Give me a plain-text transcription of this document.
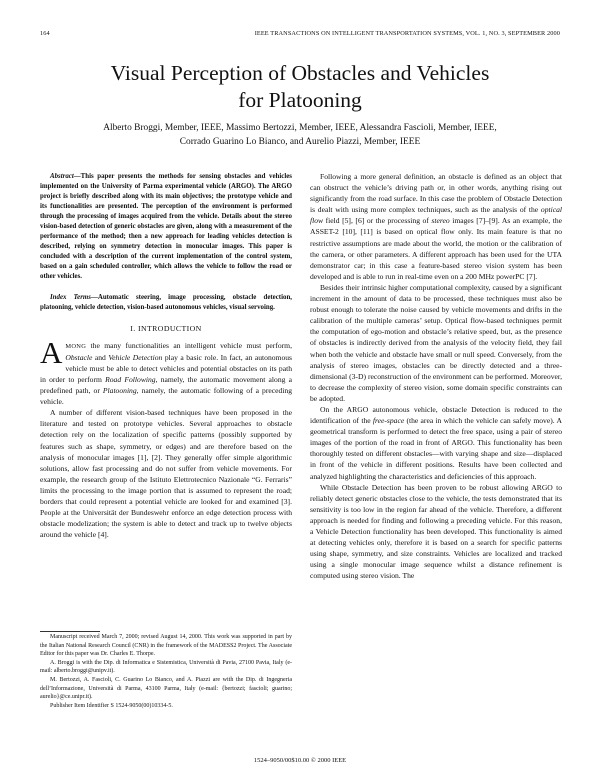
164	IEEE TRANSACTIONS ON INTELLIGENT TRANSPORTATION SYSTEMS, VOL. 1, NO. 3, SEPTEMBER 2000
Visual Perception of Obstacles and Vehicles
for Platooning
Alberto Broggi, Member, IEEE, Massimo Bertozzi, Member, IEEE, Alessandra Fascioli, Member, IEEE,
Corrado Guarino Lo Bianco, and Aurelio Piazzi, Member, IEEE

Abstract—This paper presents the methods for sensing obstacles and vehicles implemented on the University of Parma experimental vehicle (ARGO). The ARGO project is briefly described along with its main objectives; the prototype vehicle and its functionalities are presented. The perception of the environment is performed through the processing of images acquired from the vehicle. Details about the stereo vision-based detection of generic obstacles are given, along with a measurement of the performance of the method; then a new approach for leading vehicles detection is described, relying on symmetry detection in monocular images. This paper is concluded with a description of the current implementation of the control system, based on a gain scheduled controller, which allows the vehicle to follow the road or other vehicles.

Index Terms—Automatic steering, image processing, obstacle detection, platooning, vehicle detection, vision-based autonomous vehicles, visual servoing.

I. INTRODUCTION

AMONG the many functionalities an intelligent vehicle must perform, Obstacle and Vehicle Detection play a basic role. In fact, an autonomous vehicle must be able to detect vehicles and potential obstacles on its path in order to perform Road Following, namely, the automatic movement along a predefined path, or Platooning, namely, the automatic following of a preceding vehicle.

A number of different vision-based techniques have been proposed in the literature and tested on prototype vehicles. Several approaches to obstacle detection rely on the localization of specific patterns (possibly supported by features such as shape, symmetry, or edges) and are therefore based on the analysis of monocular images [1], [2]. They generally offer simple algorithmic solutions, allow fast processing and do not suffer from vehicle movements. For example, the research group of the Istituto Elettrotecnico Nazionale “G. Ferraris” limits the processing to the image portion that is assumed to represent the road; borders that could represent a potential vehicle are looked for and examined [3]. People at the Universität der Bundeswehr enforce an edge detection process with obstacle modelization; the system is able to detect and track up to twelve objects around the vehicle [4].

Manuscript received March 7, 2000; revised August 14, 2000. This work was supported in part by the Italian National Research Council (CNR) in the framework of the MADESS2 Project. The Associate Editor for this paper was Dr. Charles E. Thorpe.

A. Broggi is with the Dip. di Informatica e Sistemistica, Università di Pavia, 27100 Pavia, Italy (e-mail: alberto.broggi@unipv.it).

M. Bertozzi, A. Fascioli, C. Guarino Lo Bianco, and A. Piazzi are with the Dip. di Ingegneria dell’Informazione, Università di Parma, 43100 Parma, Italy (e-mail: {bertozzi; fascioli; guarino; aurelio}@ce.unipr.it).

Publisher Item Identifier S 1524-9050(00)10334-5.

Following a more general definition, an obstacle is defined as an object that can obstruct the vehicle’s driving path or, in other words, anything rising out significantly from the road surface. In this case the problem of Obstacle Detection is dealt with using more complex techniques, such as the analysis of the optical flow field [5], [6] or the processing of stereo images [7]–[9]. As an example, the ASSET-2 [10], [11] is based on optical flow only. Its main feature is that no restrictive assumptions are made about the world, the motion or the calibration of the camera, or other parameters. A different approach has been used for the UTA demonstrator car; in this case a feature-based stereo vision system has been developed and is able to run in real-time even on a 200 MHz powerPC [7].

Besides their intrinsic higher computational complexity, caused by a significant increment in the amount of data to be processed, these techniques must also be robust enough to tolerate the noise caused by vehicle movements and drifts in the calibration of the multiple cameras’ setup. Optical flow-based techniques permit the computation of ego-motion and obstacle’s relative speed, but, as the presence of obstacles is indirectly derived from the analysis of the velocity field, they fail when both the vehicle and obstacle have small or null speed. Conversely, from the analysis of stereo images, obstacles can be directly detected and a three-dimensional (3-D) reconstruction of the environment can be performed. Moreover, to decrease the complexity of stereo vision, some domain specific constraints can be adopted.

On the ARGO autonomous vehicle, obstacle Detection is reduced to the identification of the free-space (the area in which the vehicle can safely move). A geometrical transform is performed to detect the free space, using a pair of stereo images of the portion of the road in front of ARGO. This functionality has been thoroughly tested on different obstacles—with varying shape and size—displaced in front of the vehicle in different positions. Results have been collected and analyzed highlighting the characteristics and deficiencies of this approach.

While Obstacle Detection has been proven to be robust allowing ARGO to reliably detect generic obstacles close to the vehicle, the tests demonstrated that its sensitivity is too low in the region far ahead of the vehicle. Therefore, a different approach is needed for finding and following a preceding vehicle. For this reason, a Vehicle Detection functionality has been developed. This functionality is aimed at detecting vehicles only, therefore it is based on a search for specific patterns using shape, symmetry, and size constraints. Vehicles are localized and tracked using a single monocular image sequence whilst a distance refinement is computed using stereo vision. The

1524–9050/00$10.00 © 2000 IEEE
